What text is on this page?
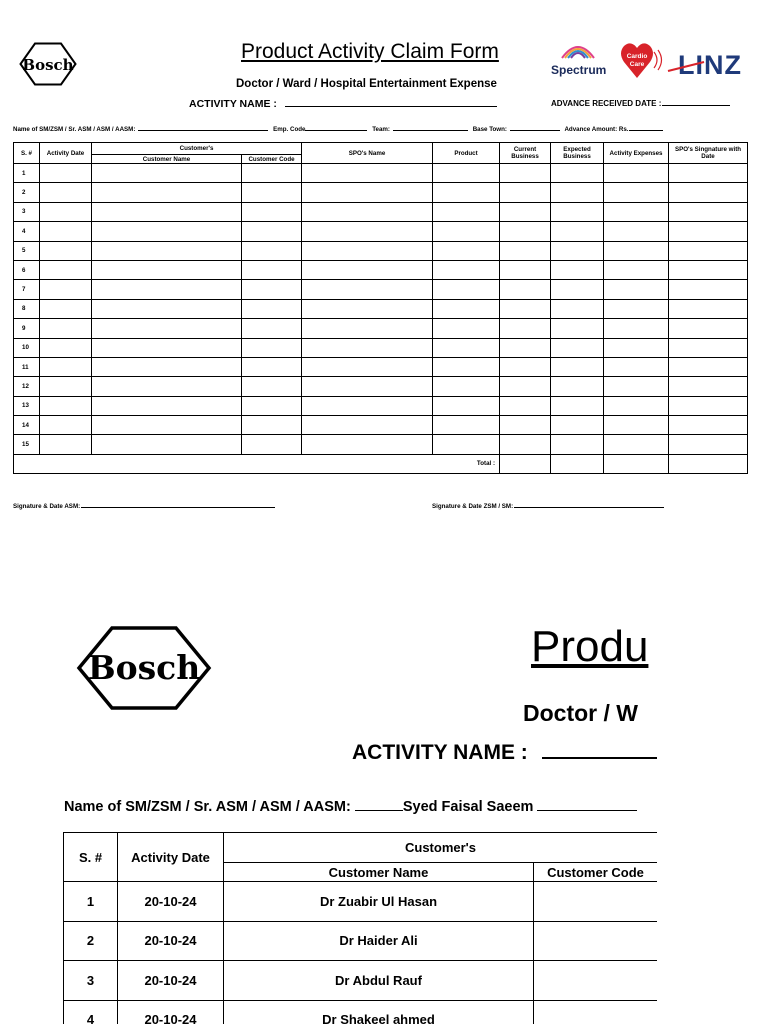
Bosch
Product Activity Claim Form
Doctor / Ward / Hospital Entertainment Expense
ACTIVITY NAME :	ADVANCE RECEIVED DATE :
Spectrum
Cardio
Care LINZ
Name of SM/ZSM / Sr. ASM / ASM / AASM:	Emp. Code	Team:	Base Town:	Advance Amount: Rs.
S. #	Activity Date	Customer's		SPO's Name	Product	Current Business	Expected Business	Activity Expenses	SPO's Singnature with Date
		Customer Name	Customer Code						
1									
2									
3									
4									
5									
6									
7									
8									
9									
10									
11									
12									
13									
14									
15									
Total :									
Signature & Date ASM:	Signature & Date ZSM / SM:
Bosch	Produ
Doctor / W
ACTIVITY NAME :
Name of SM/ZSM / Sr. ASM / ASM / AASM:	Syed Faisal Saeem
S. #	Activity Date	Customer's	
		Customer Name	Customer Code
1	20-10-24	Dr Zuabir Ul Hasan	
2	20-10-24	Dr Haider Ali	
3	20-10-24	Dr Abdul Rauf	
4	20-10-24	Dr Shakeel ahmed	
